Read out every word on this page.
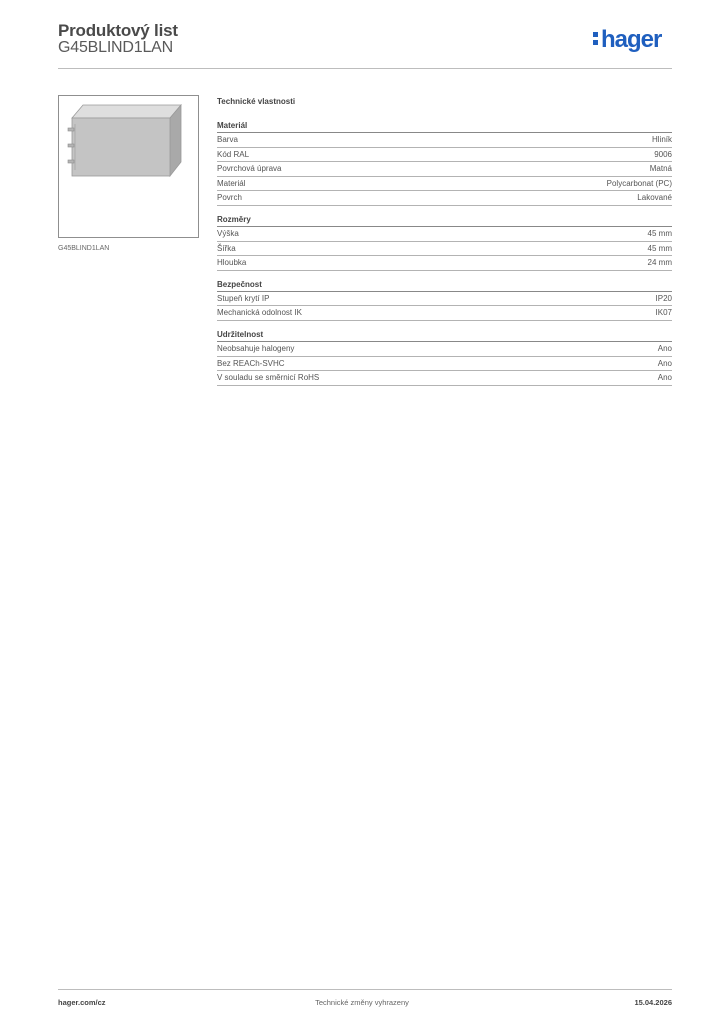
Produktový list
G45BLIND1LAN	hager
G45BLIND1LAN
Technické vlastnosti
Materiál
Barva	Hliník
Kód RAL	9006
Povrchová úprava	Matná
Materiál	Polycarbonat (PC)
Povrch	Lakované
Rozměry
Výška	45 mm
Šířka	45 mm
Hloubka	24 mm
Bezpečnost
Stupeň krytí IP	IP20
Mechanická odolnost IK	IK07
Udržitelnost
Neobsahuje halogeny	Ano
Bez REACh-SVHC	Ano
V souladu se směrnicí RoHS	Ano
hager.com/cz	Technické změny vyhrazeny	15.04.2026
